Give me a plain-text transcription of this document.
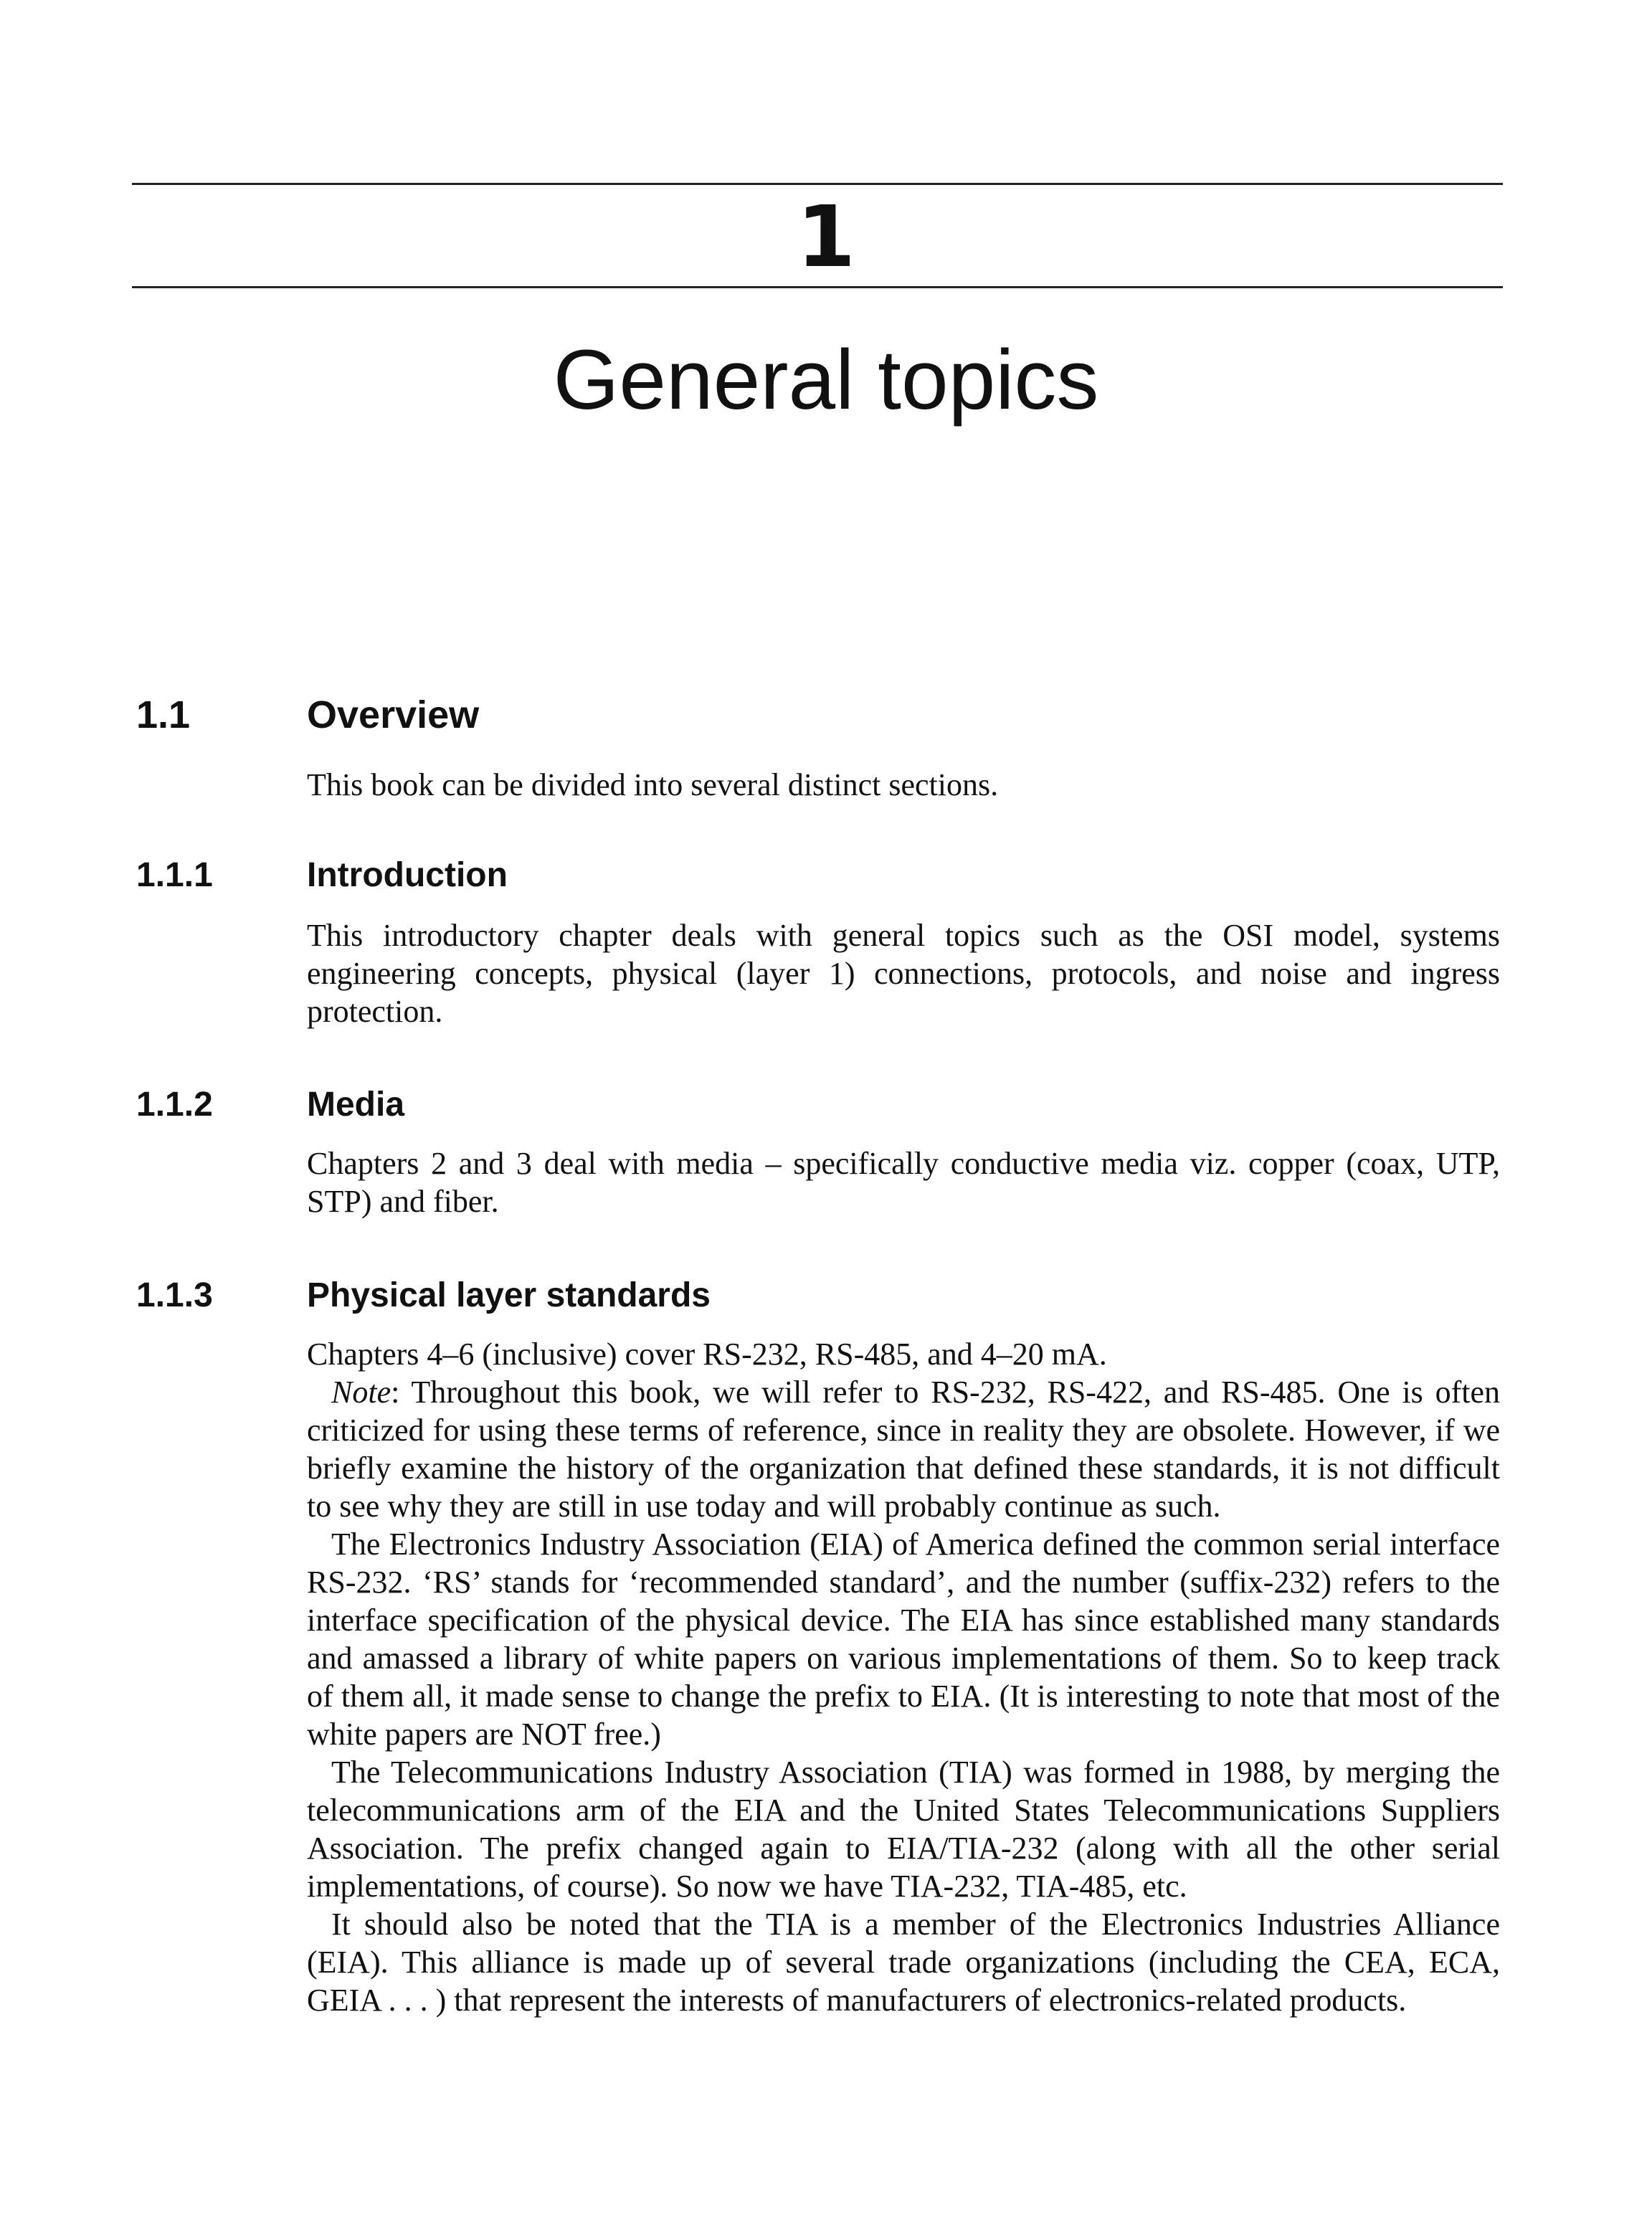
1
General topics
1.1	Overview

This book can be divided into several distinct sections.

1.1.1	Introduction

This introductory chapter deals with general topics such as the OSI model, systems engineering concepts, physical (layer 1) connections, protocols, and noise and ingress protection.

1.1.2	Media

Chapters 2 and 3 deal with media – specifically conductive media viz. copper (coax, UTP, STP) and fiber.

1.1.3	Physical layer standards

Chapters 4–6 (inclusive) cover RS-232, RS-485, and 4–20 mA.

Note: Throughout this book, we will refer to RS-232, RS-422, and RS-485. One is often criticized for using these terms of reference, since in reality they are obsolete. However, if we briefly examine the history of the organization that defined these standards, it is not difficult to see why they are still in use today and will probably continue as such.

The Electronics Industry Association (EIA) of America defined the common serial interface RS-232. ‘RS’ stands for ‘recommended standard’, and the number (suffix-232) refers to the interface specification of the physical device. The EIA has since established many standards and amassed a library of white papers on various implementations of them. So to keep track of them all, it made sense to change the prefix to EIA. (It is interesting to note that most of the white papers are NOT free.)

The Telecommunications Industry Association (TIA) was formed in 1988, by merging the telecommunications arm of the EIA and the United States Telecommunications Suppliers Association. The prefix changed again to EIA/TIA-232 (along with all the other serial implementations, of course). So now we have TIA-232, TIA-485, etc.

It should also be noted that the TIA is a member of the Electronics Industries Alliance (EIA). This alliance is made up of several trade organizations (including the CEA, ECA, GEIA . . . ) that represent the interests of manufacturers of electronics-related products.
